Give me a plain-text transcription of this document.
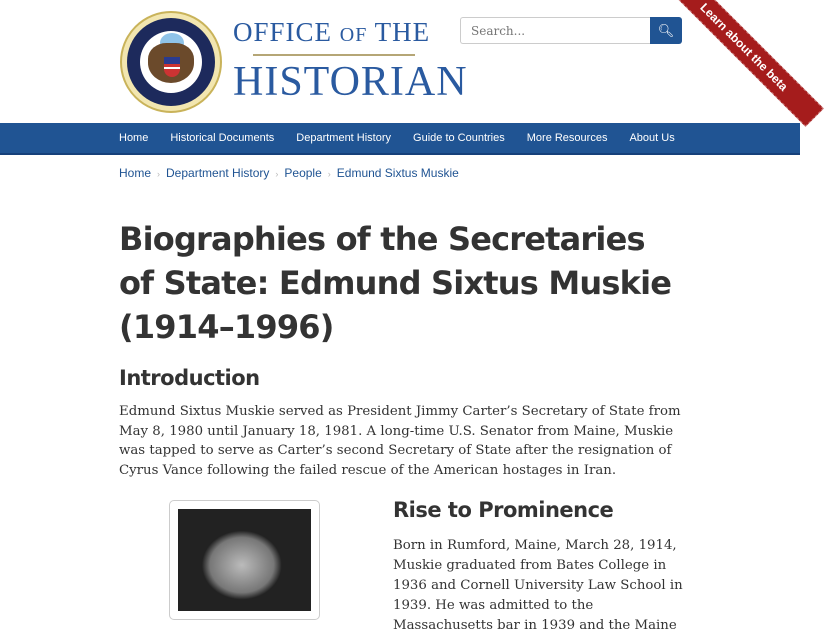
OFFICE OF THE
HISTORIAN
Search...
🔍︎	Learn about the beta
Home	Historical Documents	Department History	Guide to Countries	More Resources	About Us
Home › Department History › People › Edmund Sixtus Muskie
Biographies of the Secretaries of State: Edmund Sixtus Muskie (1914–1996)
Introduction

Edmund Sixtus Muskie served as President Jimmy Carter’s Secretary of State from May 8, 1980 until January 18, 1981. A long-time U.S. Senator from Maine, Muskie was tapped to serve as Carter’s second Secretary of State after the resignation of Cyrus Vance following the failed rescue of the American hostages in Iran.

Rise to Prominence

Born in Rumford, Maine, March 28, 1914, Muskie graduated from Bates College in 1936 and Cornell University Law School in 1939. He was admitted to the Massachusetts bar in 1939 and the Maine
